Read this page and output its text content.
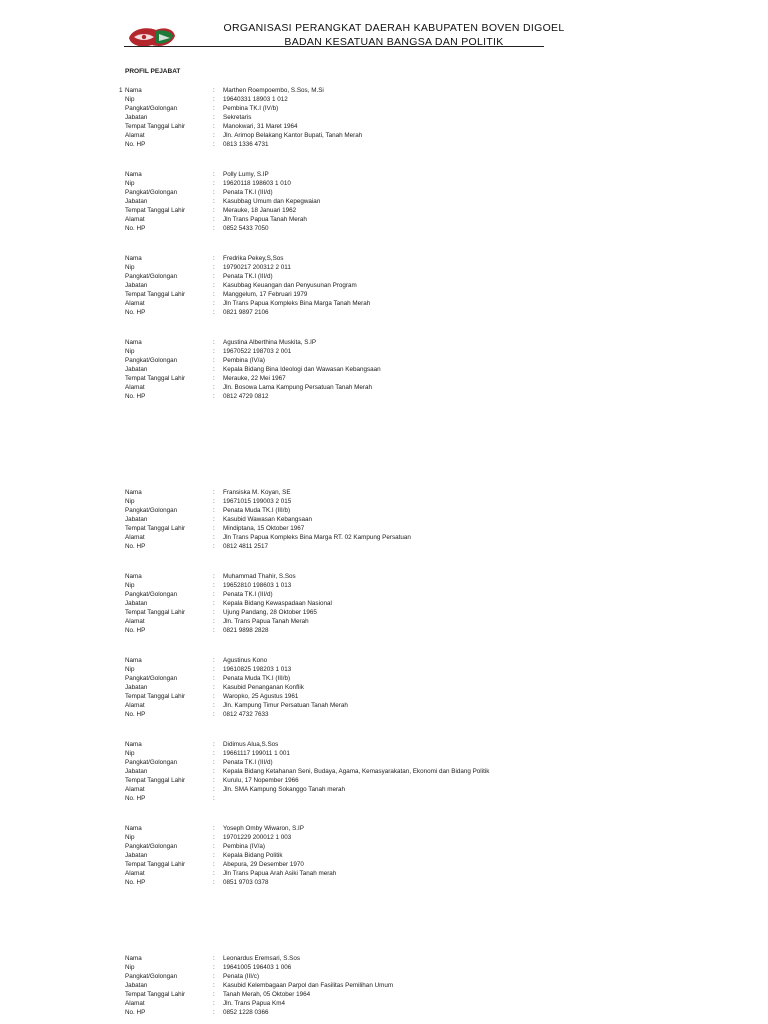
ORGANISASI PERANGKAT DAERAH KABUPATEN BOVEN DIGOEL
BADAN KESATUAN BANGSA DAN POLITIK
PROFIL PEJABAT
1 Nama	: Marthen Roempoembo, S.Sos, M.Si
Nip	: 19640331 18903 1 012
Pangkat/Golongan	: Pembina TK.I (IV/b)
Jabatan	: Sekretaris
Tempat Tanggal Lahir	: Manokwari, 31 Maret 1964
Alamat	: Jln. Arimop Belakang Kantor Bupati, Tanah Merah
No. HP	: 0813 1336 4731
Nama	: Polly Lumy, S.IP
Nip	: 19620118 198603 1 010
Pangkat/Golongan	: Penata TK.I (III/d)
Jabatan	: Kasubbag Umum dan Kepegwaian
Tempat Tanggal Lahir	: Merauke, 18 Januari 1962
Alamat	: Jln Trans Papua Tanah Merah
No. HP	: 0852 5433 7050
Nama	: Fredrika Pekey,S,Sos
Nip	: 19790217 200312 2 011
Pangkat/Golongan	: Penata TK.I (III/d)
Jabatan	: Kasubbag Keuangan dan Penyusunan Program
Tempat Tanggal Lahir	: Manggelum, 17 Februari 1979
Alamat	: Jln Trans Papua Kompleks Bina Marga Tanah Merah
No. HP	: 0821 9897 2106
Nama	: Agustina Alberthina Muskita, S.IP
Nip	: 19670522 198703 2 001
Pangkat/Golongan	: Pembina (IV/a)
Jabatan	: Kepala Bidang Bina Ideologi dan Wawasan Kebangsaan
Tempat Tanggal Lahir	: Merauke, 22 Mei 1967
Alamat	: Jln. Bosowa Lama Kampung Persatuan Tanah Merah
No. HP	: 0812 4729 0812
Nama	: Fransiska M. Koyan, SE
Nip	: 19671015 199003 2 015
Pangkat/Golongan	: Penata Muda TK.I (III/b)
Jabatan	: Kasubid Wawasan Kebangsaan
Tempat Tanggal Lahir	: Mindiptana, 15 Oktober 1967
Alamat	: Jln Trans Papua Kompleks Bina Marga RT. 02 Kampung Persatuan
No. HP	: 0812 4811 2517
Nama	: Muhammad Thahir, S.Sos
Nip	: 19652810 198603 1 013
Pangkat/Golongan	: Penata TK.I (III/d)
Jabatan	: Kepala Bidang Kewaspadaan Nasional
Tempat Tanggal Lahir	: Ujung Pandang, 28 Oktober 1965
Alamat	: Jln. Trans Papua Tanah Merah
No. HP	: 0821 9898 2828
Nama	: Agustinus Kono
Nip	: 19610825 198203 1 013
Pangkat/Golongan	: Penata Muda TK.I (III/b)
Jabatan	: Kasubid Penanganan Konflik
Tempat Tanggal Lahir	: Waropko, 25 Agustus 1961
Alamat	: Jln. Kampung Timur Persatuan Tanah Merah
No. HP	: 0812 4732 7633
Nama	: Didimus Alua,S.Sos
Nip	: 19661117 199011 1 001
Pangkat/Golongan	: Penata TK.I (III/d)
Jabatan	: Kepala Bidang Ketahanan Seni, Budaya, Agama, Kemasyarakatan, Ekonomi dan Bidang Politik
Tempat Tanggal Lahir	: Kurulu, 17 Nopember 1966
Alamat	: Jln. SMA Kampung Sokanggo Tanah merah
No. HP	:
Nama	: Yoseph Omby Wiwaron, S.IP
Nip	: 19701229 200012 1 003
Pangkat/Golongan	: Pembina (IV/a)
Jabatan	: Kepala Bidang Politik
Tempat Tanggal Lahir	: Abepura, 29 Desember 1970
Alamat	: Jln Trans Papua Arah Asiki Tanah merah
No. HP	: 0851 9703 0378
Nama	: Leonardus Eremsari, S.Sos
Nip	: 19641005 196403 1 006
Pangkat/Golongan	: Penata (III/c)
Jabatan	: Kasubid Kelembagaan Parpol dan Fasilitas Pemilihan Umum
Tempat Tanggal Lahir	: Tanah Merah, 05 Oktober 1964
Alamat	: Jln. Trans Papua Km4
No. HP	: 0852 1228 0366
